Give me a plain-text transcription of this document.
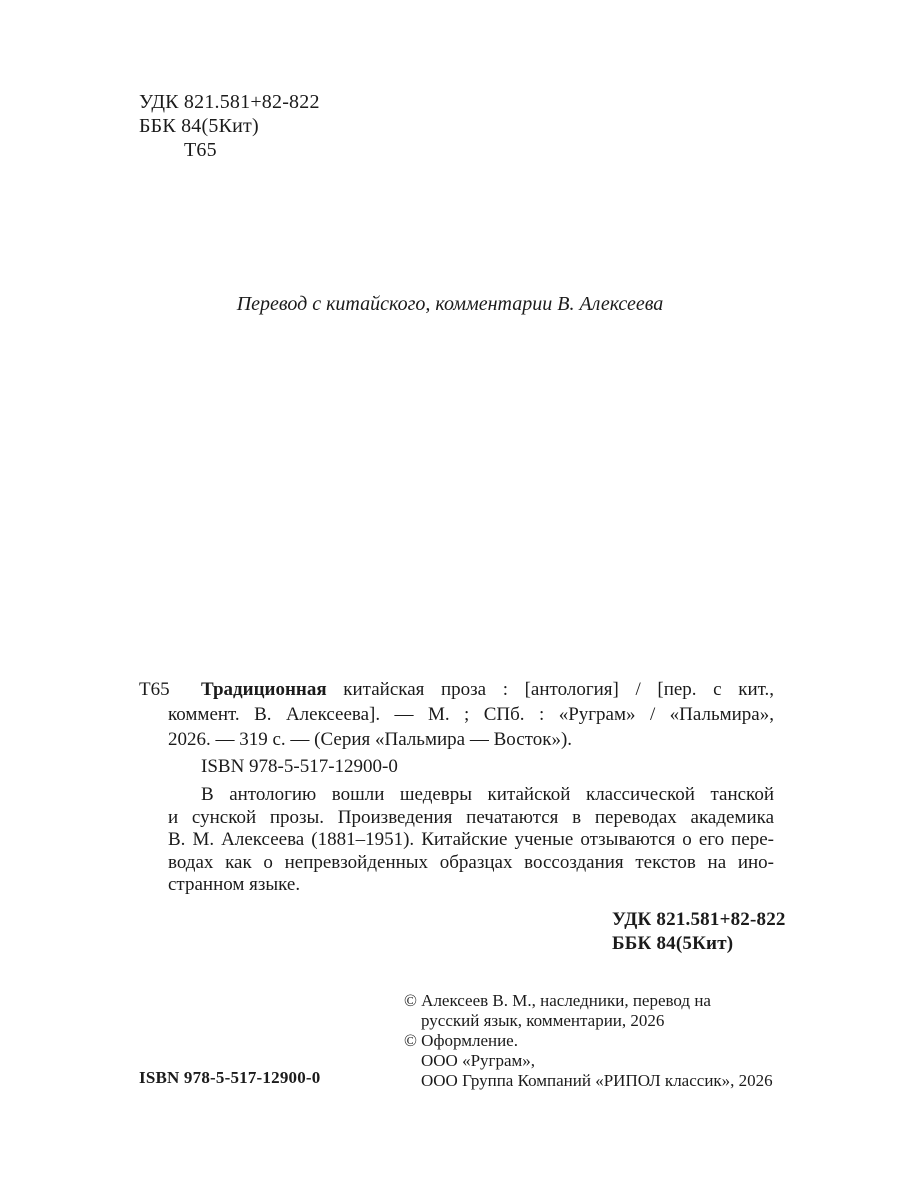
УДК 821.581+82-822
ББК 84(5Кит)
Т65
Перевод с китайского, комментарии В. Алексеева
Т65	Традиционная китайская проза : [антология] / [пер. с кит.,
коммент. В. Алексеева]. — М. ; СПб. : «Руграм» / «Пальмира»,
2026. — 319 с. — (Серия «Пальмира — Восток»).
ISBN 978-5-517-12900-0
В антологию вошли шедевры китайской классической танской
и сунской прозы. Произведения печатаются в переводах академика
В. М. Алексеева (1881–1951). Китайские ученые отзываются о его пере-
водах как о непревзойденных образцах воссоздания текстов на ино-
странном языке.
УДК 821.581+82-822
ББК 84(5Кит)
© Алексеев В. М., наследники, перевод на
русский язык, комментарии, 2026
© Оформление.
ООО «Руграм»,
ООО Группа Компаний «РИПОЛ классик», 2026
ISBN 978-5-517-12900-0
